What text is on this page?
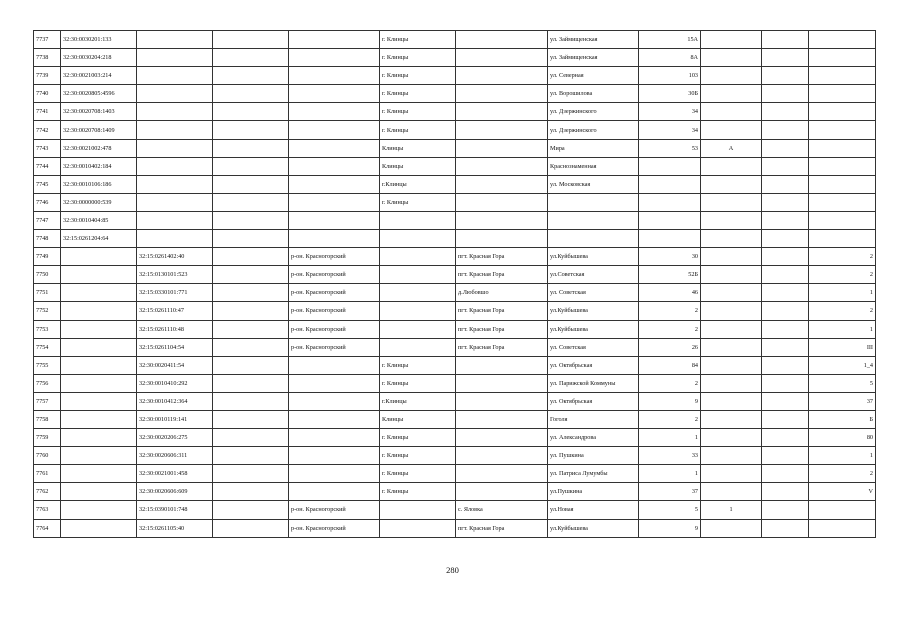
7737	32:30:0030201:133				г. Клинцы		ул. Займищенская	15А			
7738	32:30:0030204:218				г. Клинцы		ул. Займищенская	8А			
7739	32:30:0021003:214				г. Клинцы		ул. Северная	103			
7740	32:30:0020805:4596				г. Клинцы		ул. Ворошилова	30Б			
7741	32:30:0020708:1403				г. Клинцы		ул. Дзержинского	34			
7742	32:30:0020708:1409				г. Клинцы		ул. Дзержинского	34			
7743	32:30:0021002:478				Клинцы		Мира	53	А		
7744	32:30:0010402:184				Клинцы		Краснознаменная				
7745	32:30:0010106:186				г.Клинцы		ул. Московская				
7746	32:30:0000000:539				г. Клинцы						
7747	32:30:0010404:85										
7748	32:15:0261204:64										
7749		32:15:0261402:40		р-он. Красногорский		пгт. Красная Гора	ул.Куйбышева	30			2
7750		32:15:0130101:523		р-он. Красногорский		пгт. Красная Гора	ул.Советская	52Б			2
7751		32:15:0330101:771		р-он. Красногорский		д.Любовшо	ул. Советская	46			1
7752		32:15:0261110:47		р-он. Красногорский		пгт. Красная Гора	ул.Куйбышева	2			2
7753		32:15:0261110:48		р-он. Красногорский		пгт. Красная Гора	ул.Куйбышева	2			1
7754		32:15:0261104:54		р-он. Красногорский		пгт. Красная Гора	ул. Советская	26			III
7755		32:30:0020411:54			г. Клинцы		ул. Октябрьская	84			1_4
7756		32:30:0010410:292			г. Клинцы		ул. Парижской Коммуны	2			5
7757		32:30:0010412:364			г.Клинцы		ул. Октябрьская	9			37
7758		32:30:0010119:141			Клинцы		Гоголя	2			Б
7759		32:30:0020206:275			г. Клинцы		ул. Александрова	1			80
7760		32:30:0020606:311			г. Клинцы		ул. Пушкина	33			1
7761		32:30:0021001:458			г. Клинцы		ул. Патриса Лумумбы	1			2
7762		32:30:0020606:609			г. Клинцы		ул.Пушкина	37			V
7763		32:15:0390101:748		р-он. Красногорский		с. Яловка	ул.Новая	5	1		
7764		32:15:0261105:40		р-он. Красногорский		пгт. Красная Гора	ул.Куйбышева	9			
280
